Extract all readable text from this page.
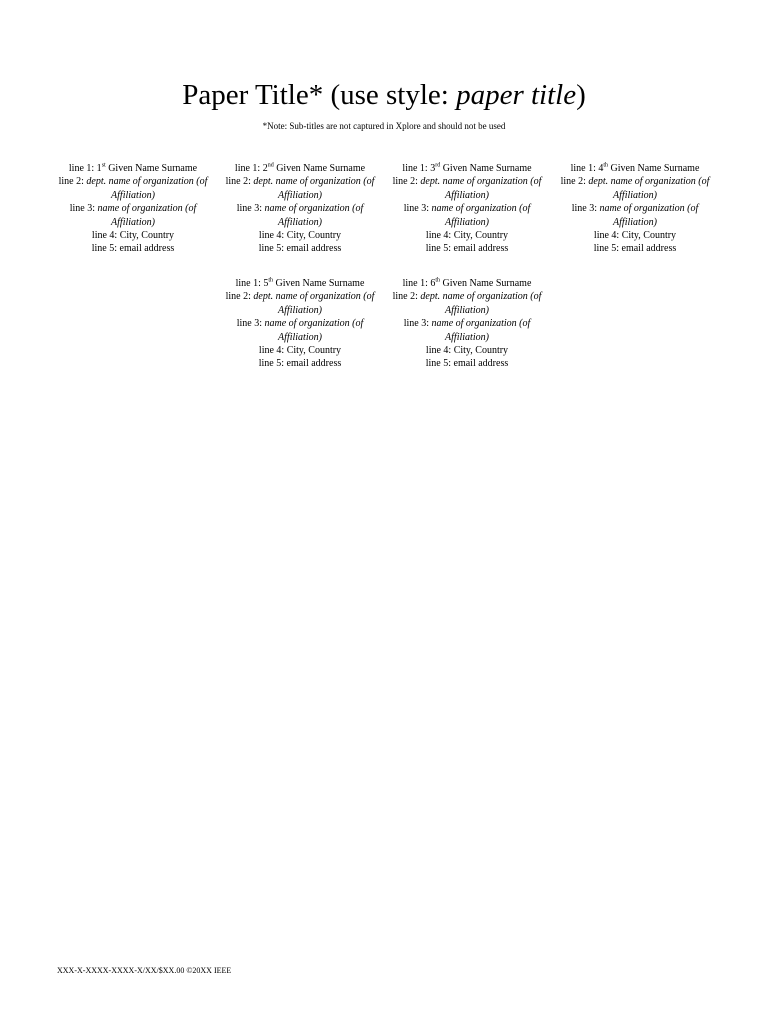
Paper Title* (use style: paper title)
*Note: Sub-titles are not captured in Xplore and should not be used
line 1: 1st Given Name Surname
line 2: dept. name of organization (of Affiliation)
line 3: name of organization (of Affiliation)
line 4: City, Country
line 5: email address
line 1: 2nd Given Name Surname
line 2: dept. name of organization (of Affiliation)
line 3: name of organization (of Affiliation)
line 4: City, Country
line 5: email address
line 1: 3rd Given Name Surname
line 2: dept. name of organization (of Affiliation)
line 3: name of organization (of Affiliation)
line 4: City, Country
line 5: email address
line 1: 4th Given Name Surname
line 2: dept. name of organization (of Affiliation)
line 3: name of organization (of Affiliation)
line 4: City, Country
line 5: email address
line 1: 5th Given Name Surname
line 2: dept. name of organization (of Affiliation)
line 3: name of organization (of Affiliation)
line 4: City, Country
line 5: email address
line 1: 6th Given Name Surname
line 2: dept. name of organization (of Affiliation)
line 3: name of organization (of Affiliation)
line 4: City, Country
line 5: email address
XXX-X-XXXX-XXXX-X/XX/$XX.00 ©20XX IEEE
